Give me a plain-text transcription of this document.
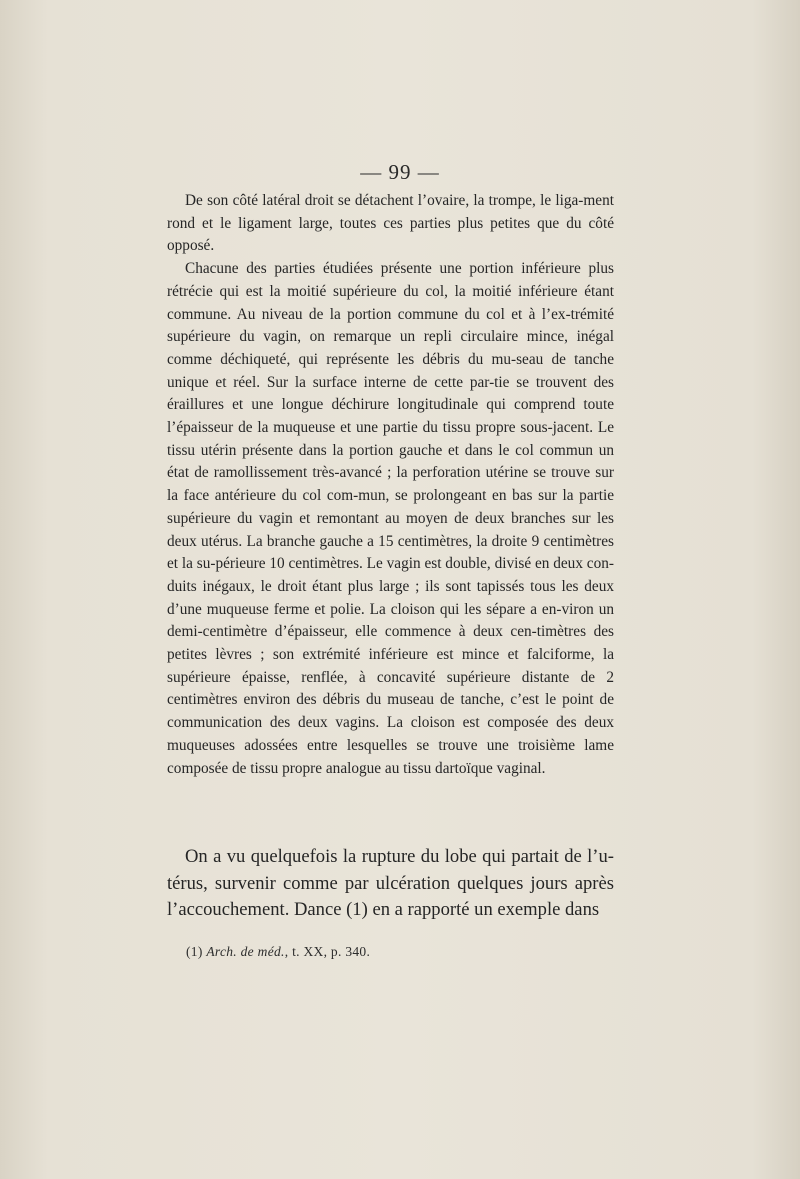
— 99 —

De son côté latéral droit se détachent l’ovaire, la trompe, le liga-ment rond et le ligament large, toutes ces parties plus petites que du côté opposé.

Chacune des parties étudiées présente une portion inférieure plus rétrécie qui est la moitié supérieure du col, la moitié inférieure étant commune. Au niveau de la portion commune du col et à l’ex-trémité supérieure du vagin, on remarque un repli circulaire mince, inégal comme déchiqueté, qui représente les débris du mu-seau de tanche unique et réel. Sur la surface interne de cette par-tie se trouvent des éraillures et une longue déchirure longitudinale qui comprend toute l’épaisseur de la muqueuse et une partie du tissu propre sous-jacent. Le tissu utérin présente dans la portion gauche et dans le col commun un état de ramollissement très-avancé ; la perforation utérine se trouve sur la face antérieure du col com-mun, se prolongeant en bas sur la partie supérieure du vagin et remontant au moyen de deux branches sur les deux utérus. La branche gauche a 15 centimètres, la droite 9 centimètres et la su-périeure 10 centimètres. Le vagin est double, divisé en deux con-duits inégaux, le droit étant plus large ; ils sont tapissés tous les deux d’une muqueuse ferme et polie. La cloison qui les sépare a en-viron un demi-centimètre d’épaisseur, elle commence à deux cen-timètres des petites lèvres ; son extrémité inférieure est mince et falciforme, la supérieure épaisse, renflée, à concavité supérieure distante de 2 centimètres environ des débris du museau de tanche, c’est le point de communication des deux vagins. La cloison est composée des deux muqueuses adossées entre lesquelles se trouve une troisième lame composée de tissu propre analogue au tissu dartoïque vaginal.

On a vu quelquefois la rupture du lobe qui partait de l’u-térus, survenir comme par ulcération quelques jours après l’accouchement. Dance (1) en a rapporté un exemple dans

(1) Arch. de méd., t. XX, p. 340.
